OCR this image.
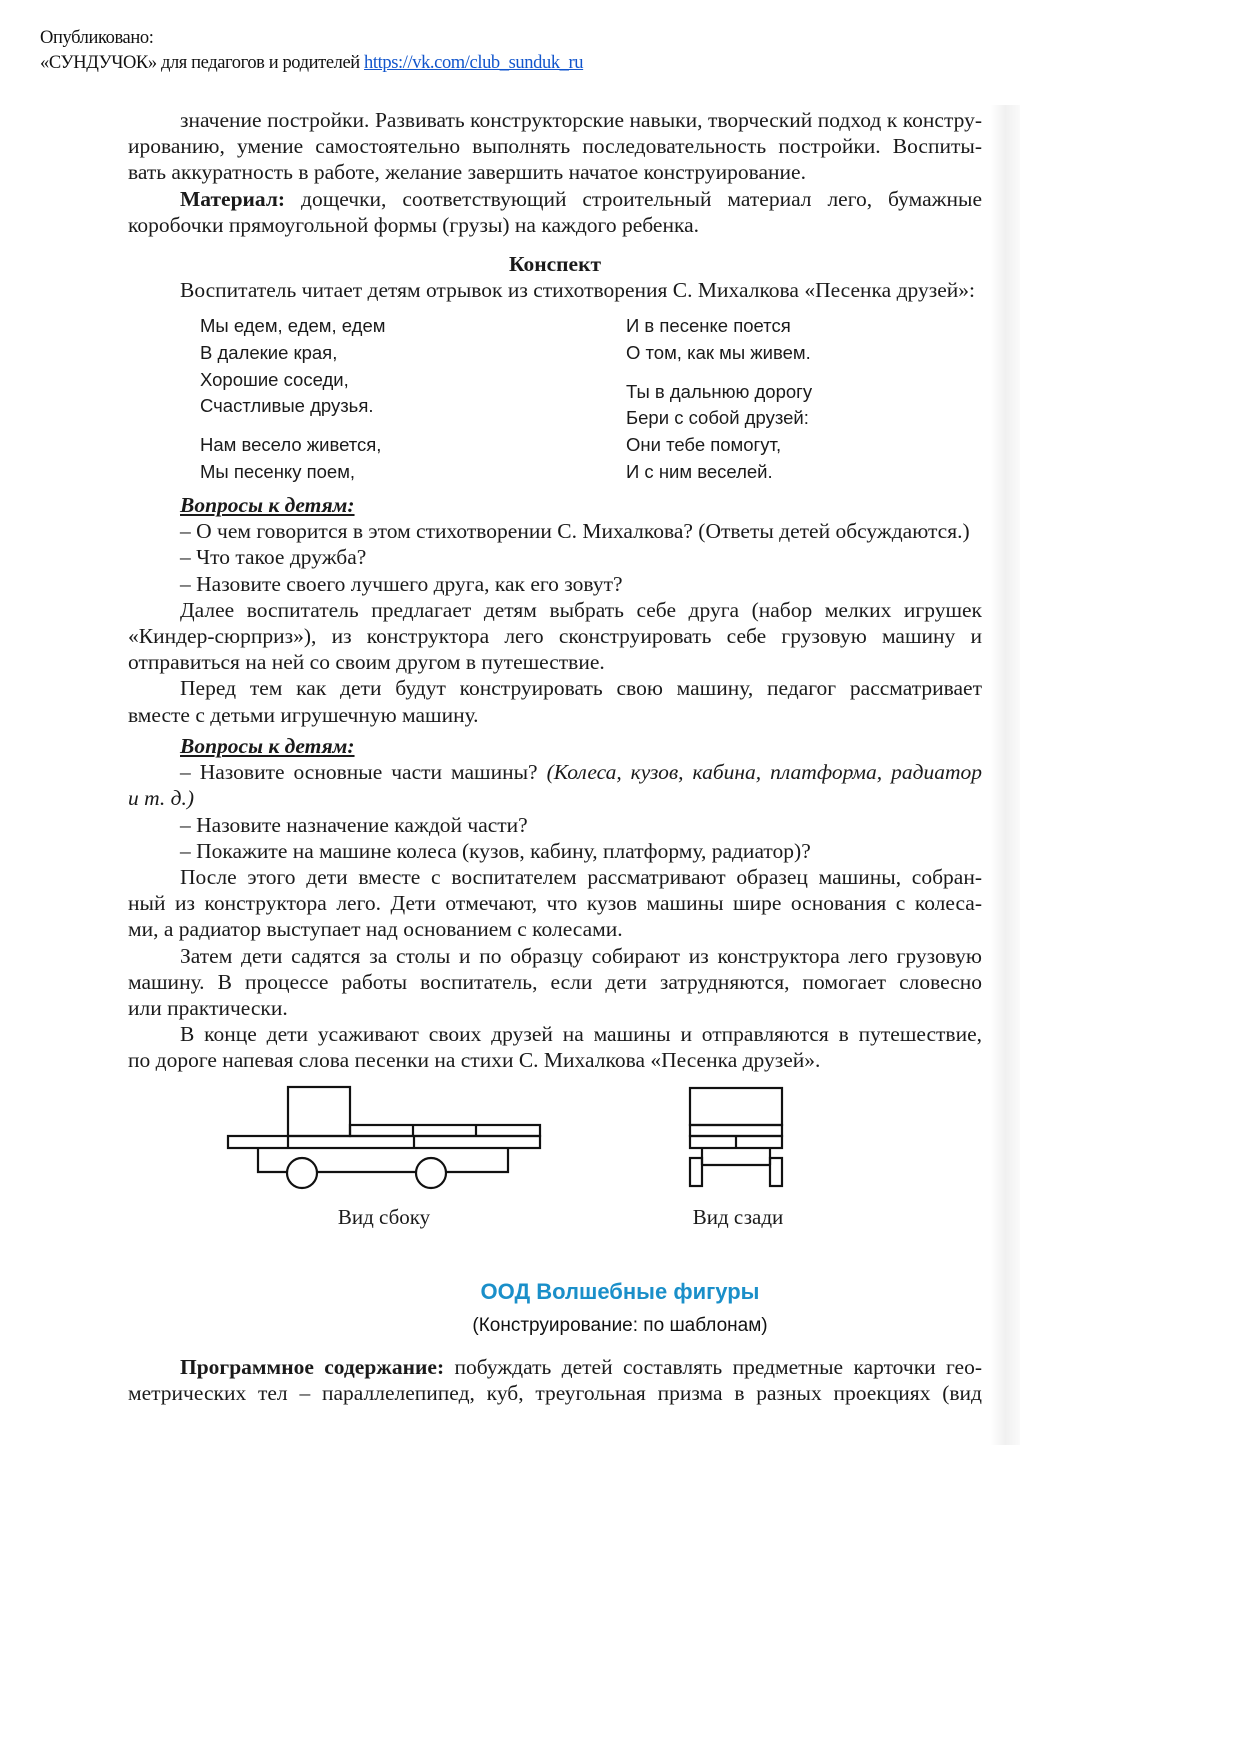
Опубликовано:
«СУНДУЧОК» для педагогов и родителей https://vk.com/club_sunduk_ru
значение постройки. Развивать конструкторские навыки, творческий подход к констру-
ированию, умение самостоятельно выполнять последовательность постройки. Воспиты-
вать аккуратность в работе, желание завершить начатое конструирование.
Материал: дощечки, соответствующий строительный материал лего, бумажные
коробочки прямоугольной формы (грузы) на каждого ребенка.
Конспект
Воспитатель читает детям отрывок из стихотворения С. Михалкова «Песенка друзей»:
Мы едем, едем, едем
В далекие края,
Хорошие соседи,
Счастливые друзья.
Нам весело живется,
Мы песенку поем,
И в песенке поется
О том, как мы живем.
Ты в дальнюю дорогу
Бери с собой друзей:
Они тебе помогут,
И с ним веселей.
Вопросы к детям:
– О чем говорится в этом стихотворении С. Михалкова? (Ответы детей обсуждаются.)
– Что такое дружба?
– Назовите своего лучшего друга, как его зовут?
Далее воспитатель предлагает детям выбрать себе друга (набор мелких игрушек
«Киндер-сюрприз»), из конструктора лего сконструировать себе грузовую машину и
отправиться на ней со своим другом в путешествие.
Перед тем как дети будут конструировать свою машину, педагог рассматривает
вместе с детьми игрушечную машину.
Вопросы к детям:
– Назовите основные части машины? (Колеса, кузов, кабина, платформа, радиатор
и т. д.)
– Назовите назначение каждой части?
– Покажите на машине колеса (кузов, кабину, платформу, радиатор)?
После этого дети вместе с воспитателем рассматривают образец машины, собран-
ный из конструктора лего. Дети отмечают, что кузов машины шире основания с колеса-
ми, а радиатор выступает над основанием с колесами.
Затем дети садятся за столы и по образцу собирают из конструктора лего грузовую
машину. В процессе работы воспитатель, если дети затрудняются, помогает словесно
или практически.
В конце дети усаживают своих друзей на машины и отправляются в путешествие,
по дороге напевая слова песенки на стихи С. Михалкова «Песенка друзей».
Вид сбоку	Вид сзади
ООД Волшебные фигуры
(Конструирование: по шаблонам)
Программное содержание: побуждать детей составлять предметные карточки гео-
метрических тел – параллелепипед, куб, треугольная призма в разных проекциях (вид
